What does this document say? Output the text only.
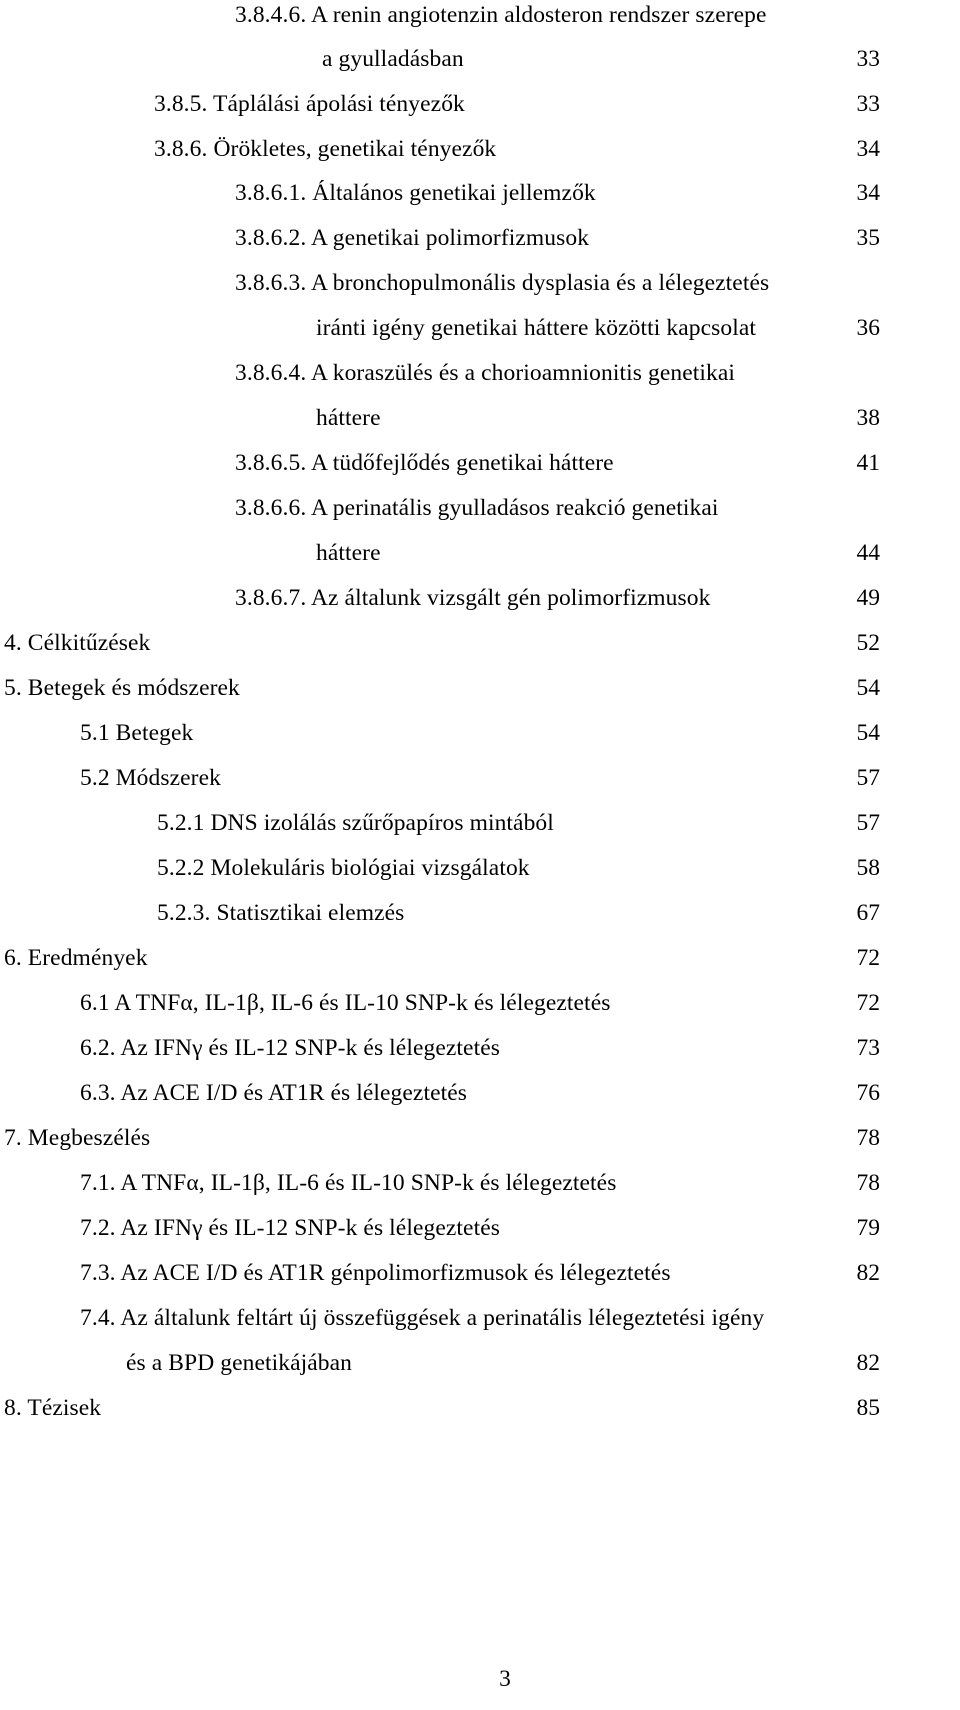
3.8.4.6. A renin angiotenzin aldosteron rendszer szerepe
a gyulladásban
3.8.5. Táplálási ápolási tényezők
3.8.6. Örökletes, genetikai tényezők
3.8.6.1. Általános genetikai jellemzők
3.8.6.2. A genetikai polimorfizmusok
3.8.6.3. A bronchopulmonális dysplasia és a lélegeztetés
iránti igény genetikai háttere közötti kapcsolat
3.8.6.4. A koraszülés és a chorioamnionitis genetikai
háttere
3.8.6.5. A tüdőfejlődés genetikai háttere
3.8.6.6. A perinatális gyulladásos reakció genetikai
háttere
3.8.6.7. Az általunk vizsgált gén polimorfizmusok
4. Célkitűzések
5. Betegek és módszerek
5.1 Betegek
5.2 Módszerek
5.2.1 DNS izolálás szűrőpapíros mintából
5.2.2 Molekuláris biológiai vizsgálatok
5.2.3. Statisztikai elemzés
6. Eredmények
6.1 A TNFα, IL-1β, IL-6 és IL-10 SNP-k és lélegeztetés
6.2. Az IFNγ és IL-12 SNP-k és lélegeztetés
6.3. Az ACE I/D és AT1R és lélegeztetés
7. Megbeszélés
7.1. A TNFα, IL-1β, IL-6 és IL-10 SNP-k és lélegeztetés
7.2. Az IFNγ és IL-12 SNP-k és lélegeztetés
7.3. Az ACE I/D és AT1R génpolimorfizmusok és lélegeztetés
7.4. Az általunk feltárt új összefüggések a perinatális lélegeztetési igény
és a BPD genetikájában
8. Tézisek
33
33
34
34
35
36
38
41
44
49
52
54
54
57
57
58
67
72
72
73
76
78
78
79
82
82
85
3
